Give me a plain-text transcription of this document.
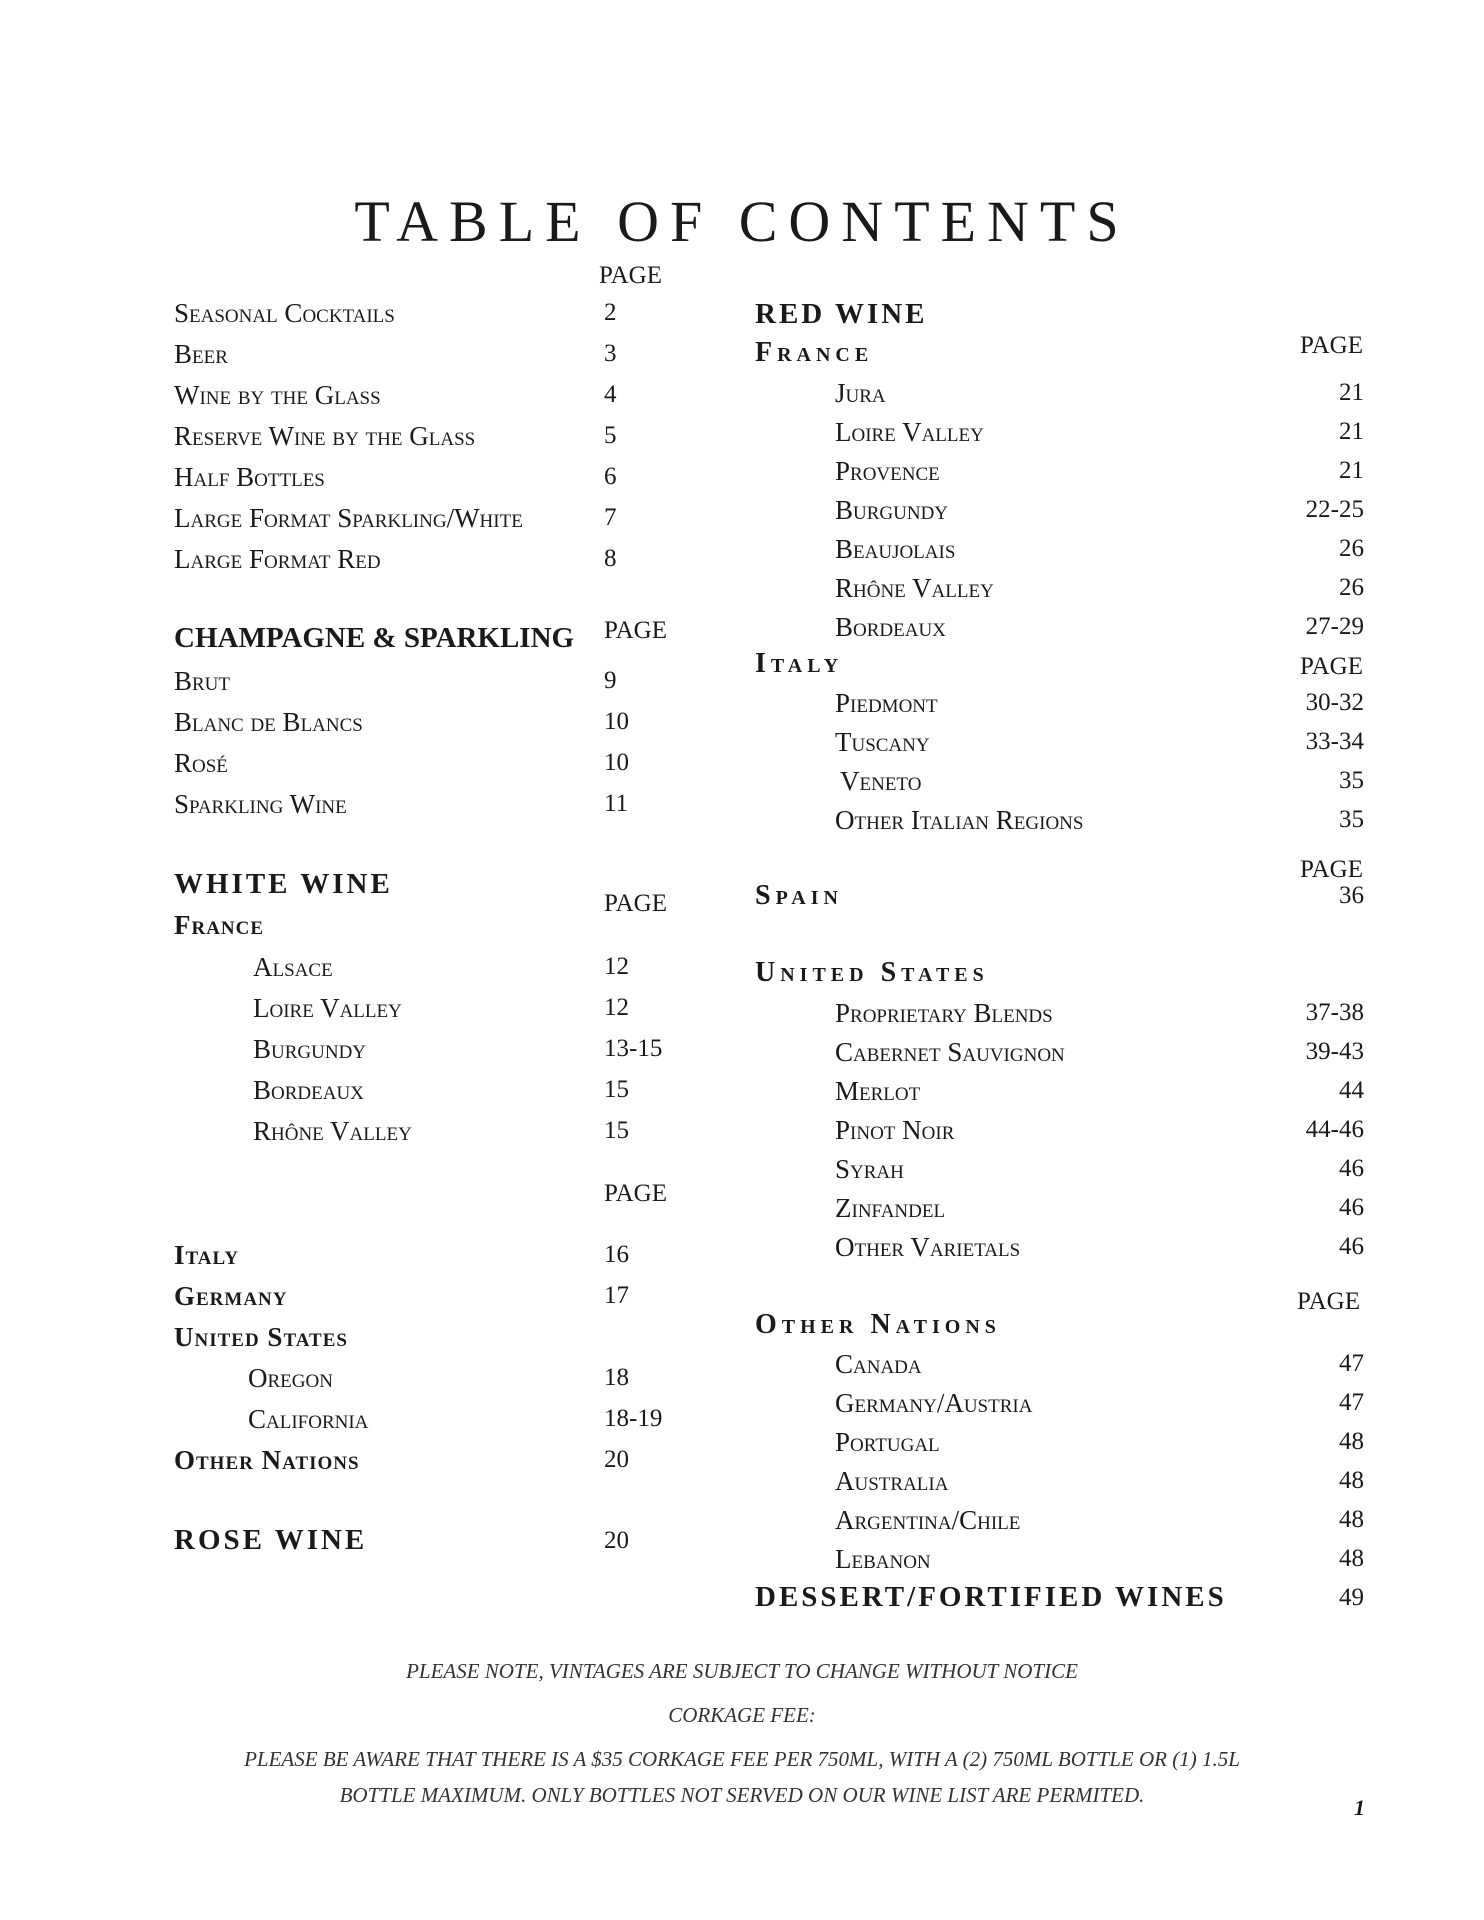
TABLE OF CONTENTS
PAGE
Seasonal Cocktails	2
Beer	3
Wine by the Glass	4
Reserve Wine by the Glass	5
Half Bottles	6
Large Format Sparkling/White	7
Large Format Red	8
CHAMPAGNE & SPARKLING PAGE
Brut	9
Blanc de Blancs	10
Rosé	10
Sparkling Wine	11
WHITE WINE
PAGE
France
Alsace	12
Loire Valley	12
Burgundy	13-15
Bordeaux	15
Rhône Valley	15
PAGE
Italy	16
Germany	17
United States
Oregon	18
California	18-19
Other Nations	20
ROSE WINE	20
RED WINE
France	PAGE
Jura	21
Loire Valley	21
Provence	21
Burgundy	22-25
Beaujolais	26
Rhône Valley	26
Bordeaux	27-29
Italy	PAGE
Piedmont	30-32
Tuscany	33-34
Veneto	35
Other Italian Regions	35
PAGE
Spain	36
United States
Proprietary Blends	37-38
Cabernet Sauvignon	39-43
Merlot	44
Pinot Noir	44-46
Syrah	46
Zinfandel	46
Other Varietals	46
PAGE
Other Nations
Canada	47
Germany/Austria	47
Portugal	48
Australia	48
Argentina/Chile	48
Lebanon	48
DESSERT/FORTIFIED WINES	49
PLEASE NOTE, VINTAGES ARE SUBJECT TO CHANGE WITHOUT NOTICE
CORKAGE FEE:
PLEASE BE AWARE THAT THERE IS A $35 CORKAGE FEE PER 750ML, WITH A (2) 750ML BOTTLE OR (1) 1.5L
BOTTLE MAXIMUM. ONLY BOTTLES NOT SERVED ON OUR WINE LIST ARE PERMITED.	1
